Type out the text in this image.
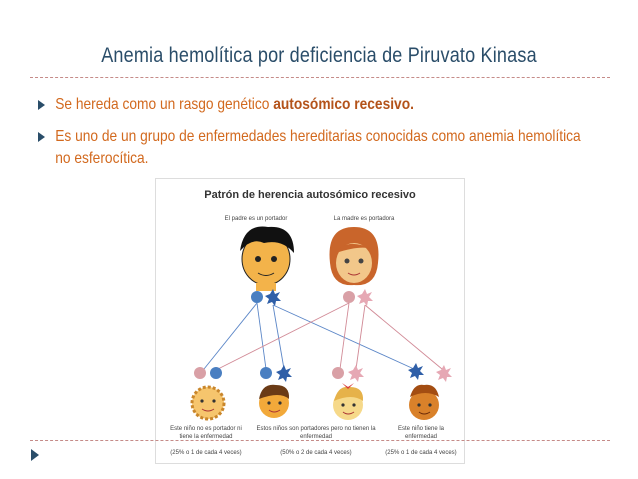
Anemia hemolítica por deficiencia de Piruvato Kinasa
Se hereda como un rasgo genético autosómico recesivo.
Es uno de un grupo de enfermedades hereditarias conocidas como anemia hemolítica no esferocítica.
Patrón de herencia autosómico recesivo
El padre es un portador	La madre es portadora
Este niño no es portador ni tiene la enfermedad
Estos niños son portadores pero no tienen la enfermedad
Este niño tiene la enfermedad
(25% o 1 de cada 4 veces)	(50% o 2 de cada 4 veces)	(25% o 1 de cada 4 veces)
